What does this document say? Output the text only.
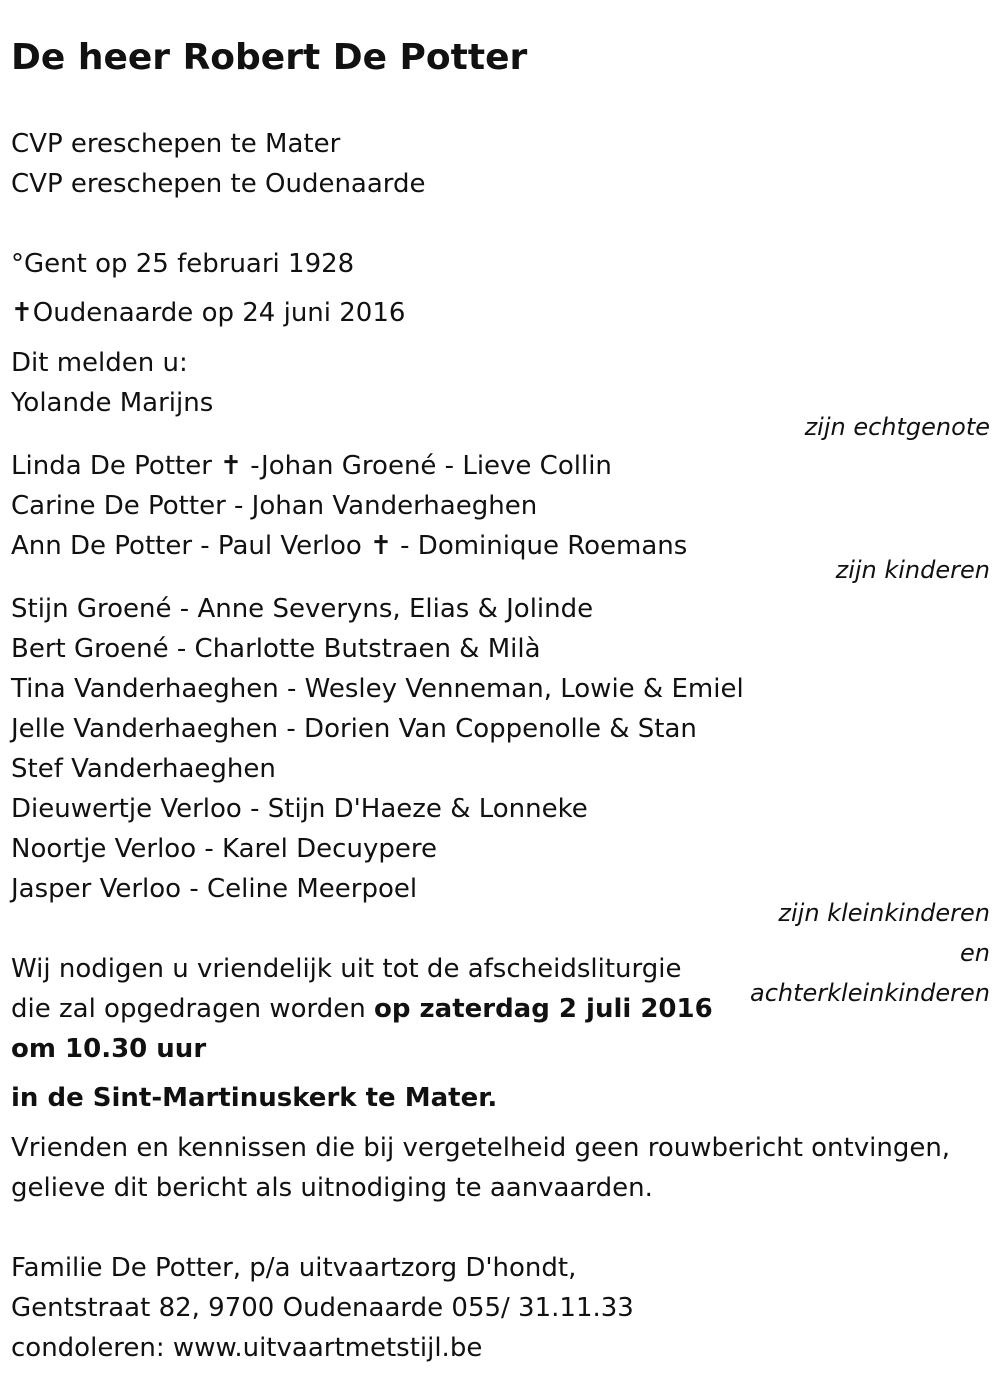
De heer Robert De Potter
CVP ereschepen te Mater
CVP ereschepen te Oudenaarde
°Gent op 25 februari 1928
✝Oudenaarde op 24 juni 2016
Dit melden u:
Yolande Marijns
zijn echtgenote
Linda De Potter ✝ -Johan Groené - Lieve Collin
Carine De Potter - Johan Vanderhaeghen
Ann De Potter - Paul Verloo ✝ - Dominique Roemans
zijn kinderen
Stijn Groené - Anne Severyns, Elias & Jolinde
Bert Groené - Charlotte Butstraen & Milà
Tina Vanderhaeghen - Wesley Venneman, Lowie & Emiel
Jelle Vanderhaeghen - Dorien Van Coppenolle & Stan
Stef Vanderhaeghen
Dieuwertje Verloo - Stijn D'Haeze & Lonneke
Noortje Verloo - Karel Decuypere
Jasper Verloo - Celine Meerpoel
zijn kleinkinderen
en
achterkleinkinderen
Wij nodigen u vriendelijk uit tot de afscheidsliturgie
die zal opgedragen worden op zaterdag 2 juli 2016
om 10.30 uur
in de Sint-Martinuskerk te Mater.
Vrienden en kennissen die bij vergetelheid geen rouwbericht ontvingen,
gelieve dit bericht als uitnodiging te aanvaarden.
Familie De Potter, p/a uitvaartzorg D'hondt,
Gentstraat 82, 9700 Oudenaarde 055/ 31.11.33
condoleren: www.uitvaartmetstijl.be
